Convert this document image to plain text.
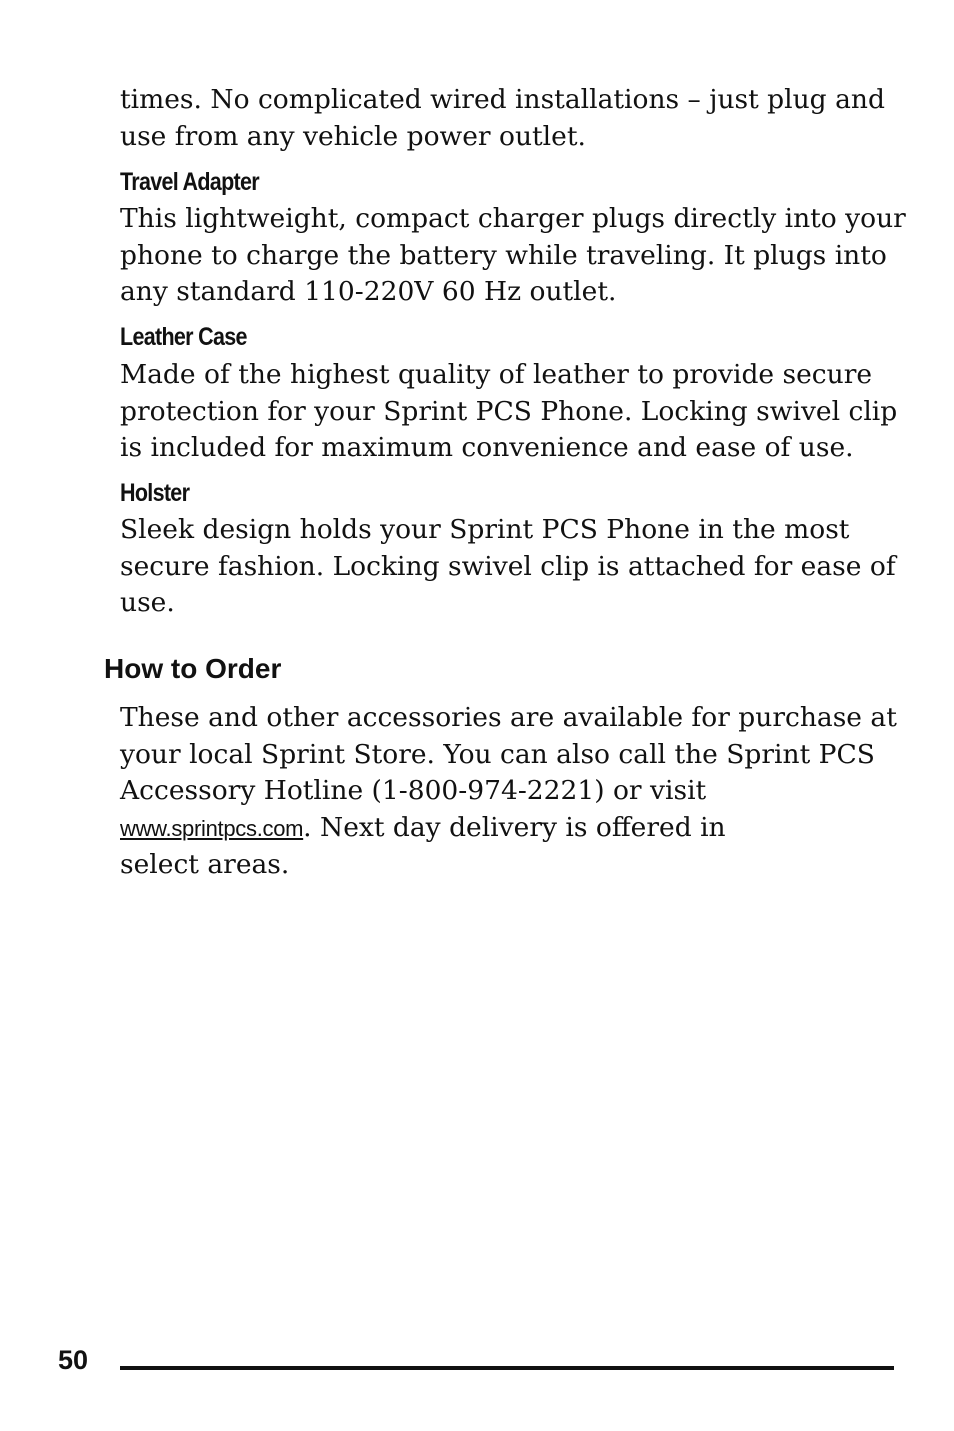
times. No complicated wired installations – just plug and
use from any vehicle power outlet.

Travel Adapter

This lightweight, compact charger plugs directly into your
phone to charge the battery while traveling. It plugs into
any standard 110-220V 60 Hz outlet.

Leather Case

Made of the highest quality of leather to provide secure
protection for your Sprint PCS Phone. Locking swivel clip
is included for maximum convenience and ease of use.

Holster

Sleek design holds your Sprint PCS Phone in the most
secure fashion. Locking swivel clip is attached for ease of
use.

How to Order

These and other accessories are available for purchase at
your local Sprint Store. You can also call the Sprint PCS
Accessory Hotline (1-800-974-2221) or visit
www.sprintpcs.com. Next day delivery is offered in
select areas.

50
